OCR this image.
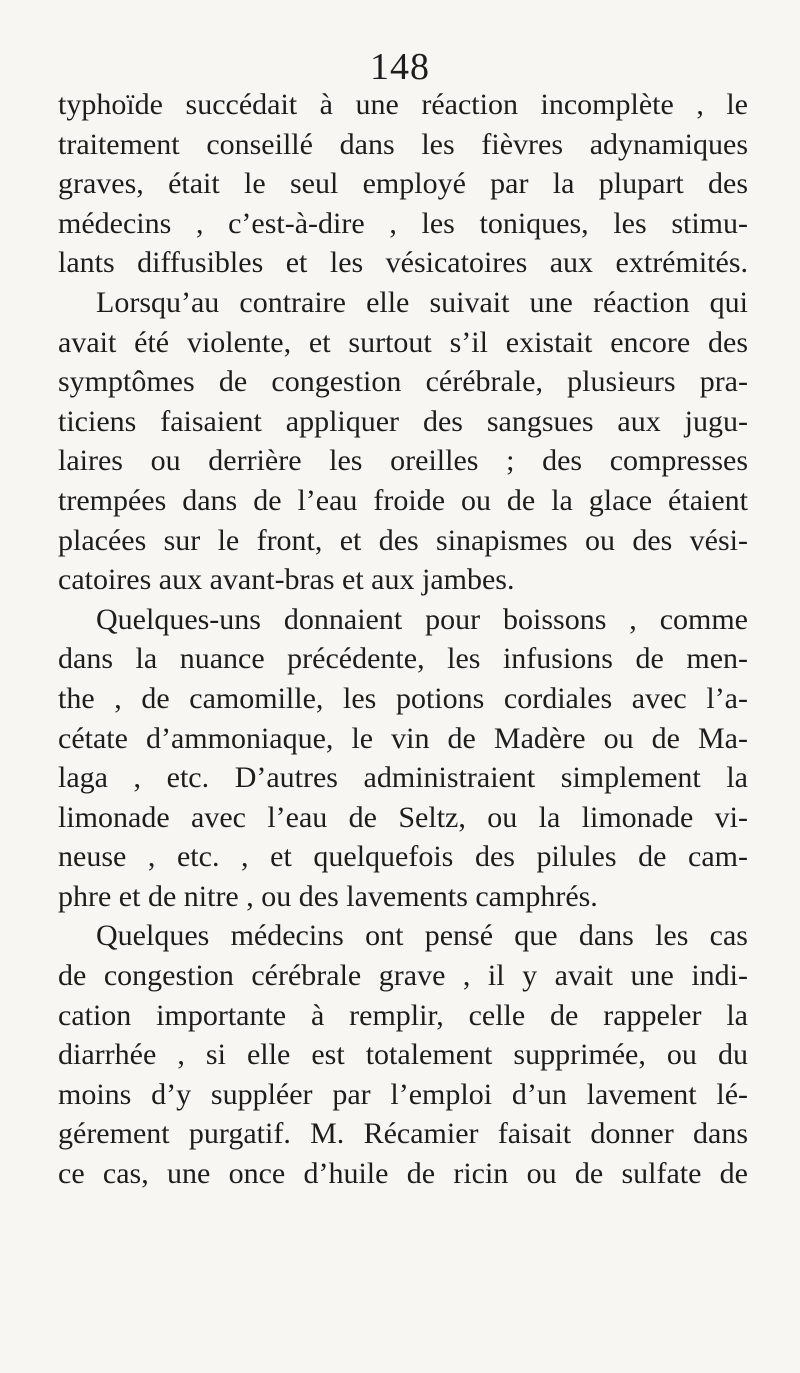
148
typhoïde succédait à une réaction incomplète , le
traitement conseillé dans les fièvres adynamiques
graves, était le seul employé par la plupart des
médecins , c’est-à-dire , les toniques, les stimu-
lants diffusibles et les vésicatoires aux extrémités.
Lorsqu’au contraire elle suivait une réaction qui
avait été violente, et surtout s’il existait encore des
symptômes de congestion cérébrale, plusieurs pra-
ticiens faisaient appliquer des sangsues aux jugu-
laires ou derrière les oreilles ; des compresses
trempées dans de l’eau froide ou de la glace étaient
placées sur le front, et des sinapismes ou des vési-
catoires aux avant-bras et aux jambes.
Quelques-uns donnaient pour boissons , comme
dans la nuance précédente, les infusions de men-
the , de camomille, les potions cordiales avec l’a-
cétate d’ammoniaque, le vin de Madère ou de Ma-
laga , etc. D’autres administraient simplement la
limonade avec l’eau de Seltz, ou la limonade vi-
neuse , etc. , et quelquefois des pilules de cam-
phre et de nitre , ou des lavements camphrés.
Quelques médecins ont pensé que dans les cas
de congestion cérébrale grave , il y avait une indi-
cation importante à remplir, celle de rappeler la
diarrhée , si elle est totalement supprimée, ou du
moins d’y suppléer par l’emploi d’un lavement lé-
gérement purgatif. M. Récamier faisait donner dans
ce cas, une once d’huile de ricin ou de sulfate de
